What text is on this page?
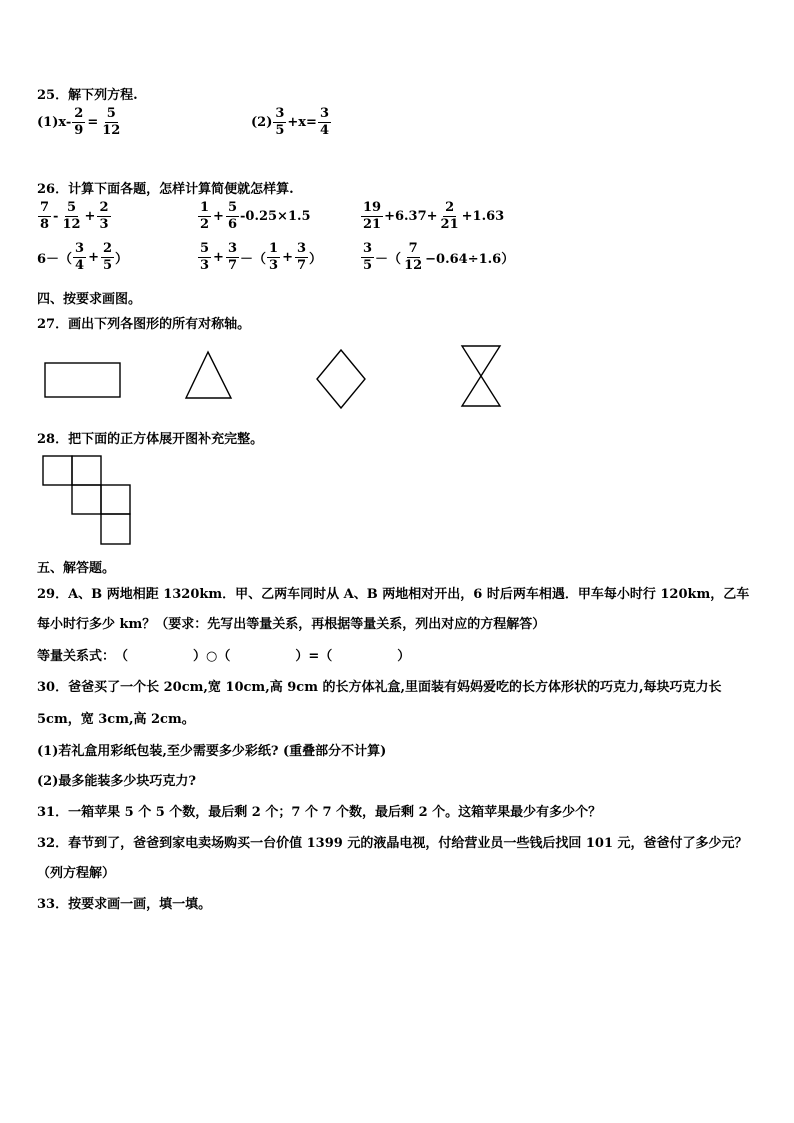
25．解下列方程.
$(1)x- \frac{2}{9} = \frac{5}{12}$	$(2) \frac{3}{5} +x= \frac{3}{4}$
26．计算下面各题，怎样计算简便就怎样算.
$\frac{7}{8} - \frac{5}{12} + \frac{2}{3}$	$\frac{1}{2} + \frac{5}{6} -0.25\times 1.5$	$\frac{19}{21} +6.37+ \frac{2}{21} +1.63$
$6-( \frac{3}{4} + \frac{2}{5}$ ）	$\frac{5}{3} + \frac{3}{7}$ －（ $\frac{1}{3} + \frac{3}{7}$ ）	$\frac{3}{5}$ －（ $\frac{7}{12} -0.64\div 1.6$）
四、按要求画图。
27．画出下列各图形的所有对称轴。
28．把下面的正方体展开图补充完整。
五、解答题。
29．A、B 两地相距 1320km．甲、乙两车同时从 A、B 两地相对开出，6 时后两车相遇．甲车每小时行 120km，乙车
每小时行多少 km？（要求：先写出等量关系，再根据等量关系，列出对应的方程解答）
等量关系式：　（　　　　　）○（　　　　　）=（　　　　　）
30．爸爸买了一个长 20cm,宽 10cm,高 9cm 的长方体礼盒,里面装有妈妈爱吃的长方体形状的巧克力,每块巧克力长
5cm，宽 3cm,高 2cm。
(1)若礼盒用彩纸包装,至少需要多少彩纸? (重叠部分不计算)
(2)最多能装多少块巧克力?
31．一箱苹果 5 个 5 个数，最后剩 2 个；7 个 7 个数，最后剩 2 个。这箱苹果最少有多少个？
32．春节到了，爸爸到家电卖场购买一台价值 1399 元的液晶电视，付给营业员一些钱后找回 101 元，爸爸付了多少元？
（列方程解）
33．按要求画一画，填一填。
